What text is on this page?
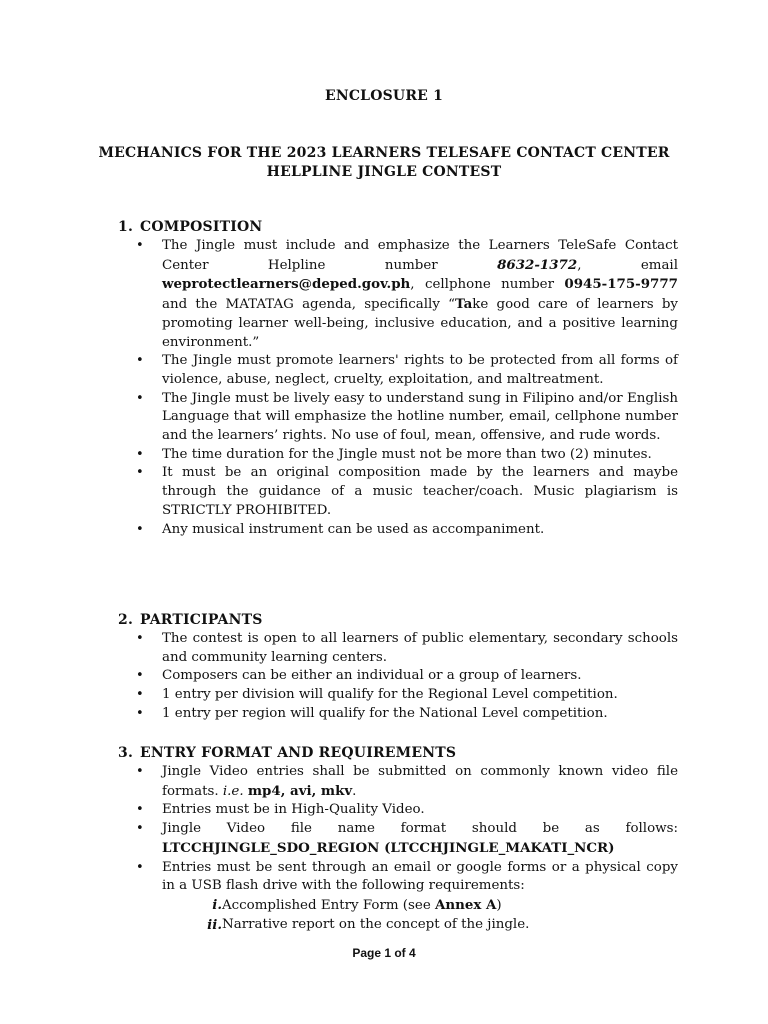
ENCLOSURE 1
MECHANICS FOR THE 2023 LEARNERS TELESAFE CONTACT CENTER
HELPLINE JINGLE CONTEST
1. COMPOSITION
• The Jingle must include and emphasize the Learners TeleSafe Contact Center Helpline number 8632-1372, email weprotectlearners@deped.gov.ph, cellphone number 0945-175-9777 and the MATATAG agenda, specifically “Take good care of learners by promoting learner well-being, inclusive education, and a positive learning environment.”
• The Jingle must promote learners' rights to be protected from all forms of violence, abuse, neglect, cruelty, exploitation, and maltreatment.
• The Jingle must be lively easy to understand sung in Filipino and/or English Language that will emphasize the hotline number, email, cellphone number and the learners’ rights. No use of foul, mean, offensive, and rude words.
• The time duration for the Jingle must not be more than two (2) minutes.
• It must be an original composition made by the learners and maybe through the guidance of a music teacher/coach. Music plagiarism is STRICTLY PROHIBITED.
• Any musical instrument can be used as accompaniment.
2. PARTICIPANTS
• The contest is open to all learners of public elementary, secondary schools and community learning centers.
• Composers can be either an individual or a group of learners.
• 1 entry per division will qualify for the Regional Level competition.
• 1 entry per region will qualify for the National Level competition.
3. ENTRY FORMAT AND REQUIREMENTS
• Jingle Video entries shall be submitted on commonly known video file formats. i.e. mp4, avi, mkv.
• Entries must be in High-Quality Video.
• Jingle Video file name format should be as follows: LTCCHJINGLE_SDO_REGION (LTCCHJINGLE_MAKATI_NCR)
• Entries must be sent through an email or google forms or a physical copy in a USB flash drive with the following requirements:
i. Accomplished Entry Form (see Annex A)
ii. Narrative report on the concept of the jingle.
Page 1 of 4
